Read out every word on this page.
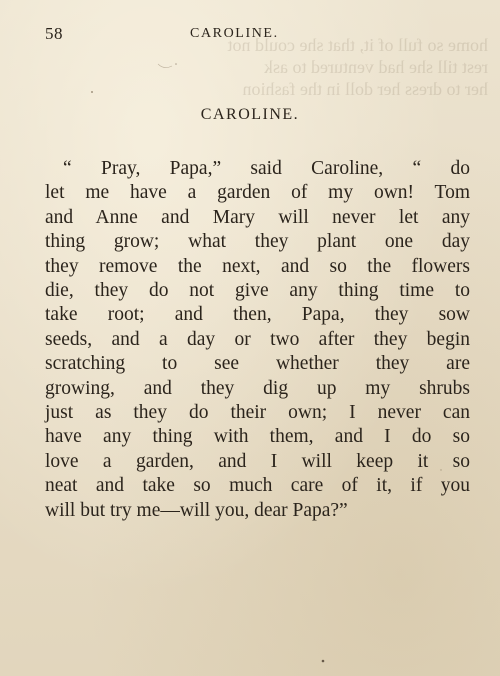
home so full of it, that she could not
rest till she had ventured to ask
her to dress her doll in the fashion
58	CAROLINE.
CAROLINE.
“ Pray, Papa,” said Caroline, “ do
let me have a garden of my own! Tom
and Anne and Mary will never let any
thing grow; what they plant one day
they remove the next, and so the flowers
die, they do not give any thing time to
take root; and then, Papa, they sow
seeds, and a day or two after they begin
scratching to see whether they are
growing, and they dig up my shrubs
just as they do their own; I never can
have any thing with them, and I do so
love a garden, and I will keep it so
neat and take so much care of it, if you
will but try me—will you, dear Papa?”
